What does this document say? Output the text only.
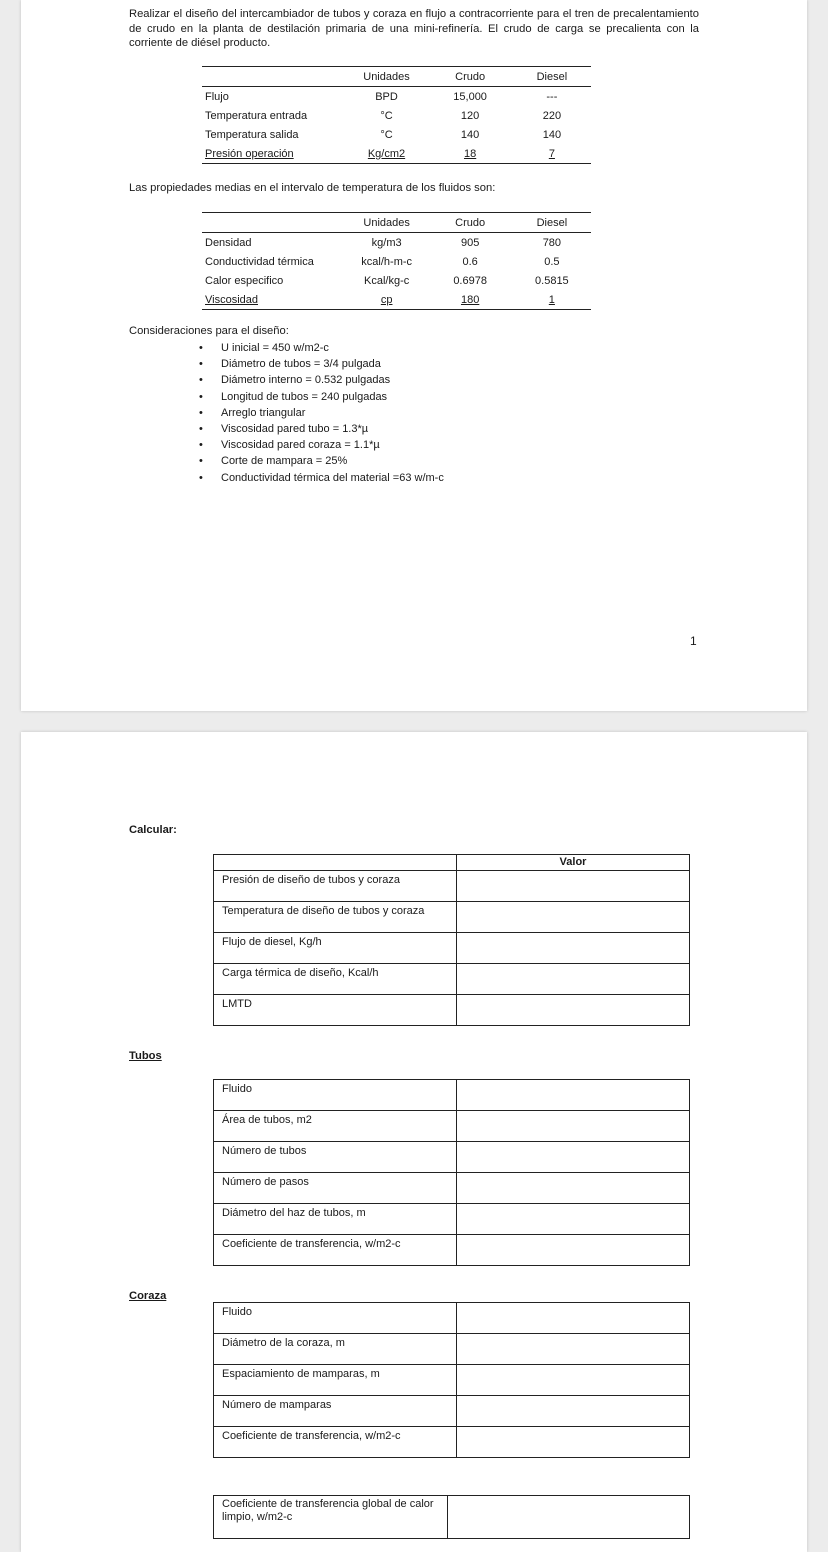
Realizar el diseño del intercambiador de tubos y coraza en flujo a contracorriente para el tren de precalentamiento de crudo en la planta de destilación primaria de una mini-refinería. El crudo de carga se precalienta con la corriente de diésel producto.

	Unidades	Crudo	Diesel
Flujo	BPD	15,000	---
Temperatura entrada	°C	120	220
Temperatura salida	°C	140	140
Presión operación	Kg/cm2	18	7

Las propiedades medias en el intervalo de temperatura de los fluidos son:

	Unidades	Crudo	Diesel
Densidad	kg/m3	905	780
Conductividad térmica	kcal/h-m-c	0.6	0.5
Calor especifico	Kcal/kg-c	0.6978	0.5815
Viscosidad	cp	180	1

Consideraciones para el diseño:

• U inicial = 450 w/m2-c
• Diámetro de tubos = 3/4 pulgada
• Diámetro interno = 0.532 pulgadas
• Longitud de tubos = 240 pulgadas
• Arreglo triangular
• Viscosidad pared tubo = 1.3*µ
• Viscosidad pared coraza = 1.1*µ
• Corte de mampara = 25%
• Conductividad térmica del material =63 w/m-c
1

Calcular:

	Valor
Presión de diseño de tubos y coraza	
Temperatura de diseño de tubos y coraza	
Flujo de diesel, Kg/h	
Carga térmica de diseño, Kcal/h	
LMTD	

Tubos

Fluido	
Área de tubos, m2	
Número de tubos	
Número de pasos	
Diámetro del haz de tubos, m	
Coeficiente de transferencia, w/m2-c	

Coraza

Fluido	
Diámetro de la coraza, m	
Espaciamiento de mamparas, m	
Número de mamparas	
Coeficiente de transferencia, w/m2-c	
Coeficiente de transferencia global de calor limpio, w/m2-c	
